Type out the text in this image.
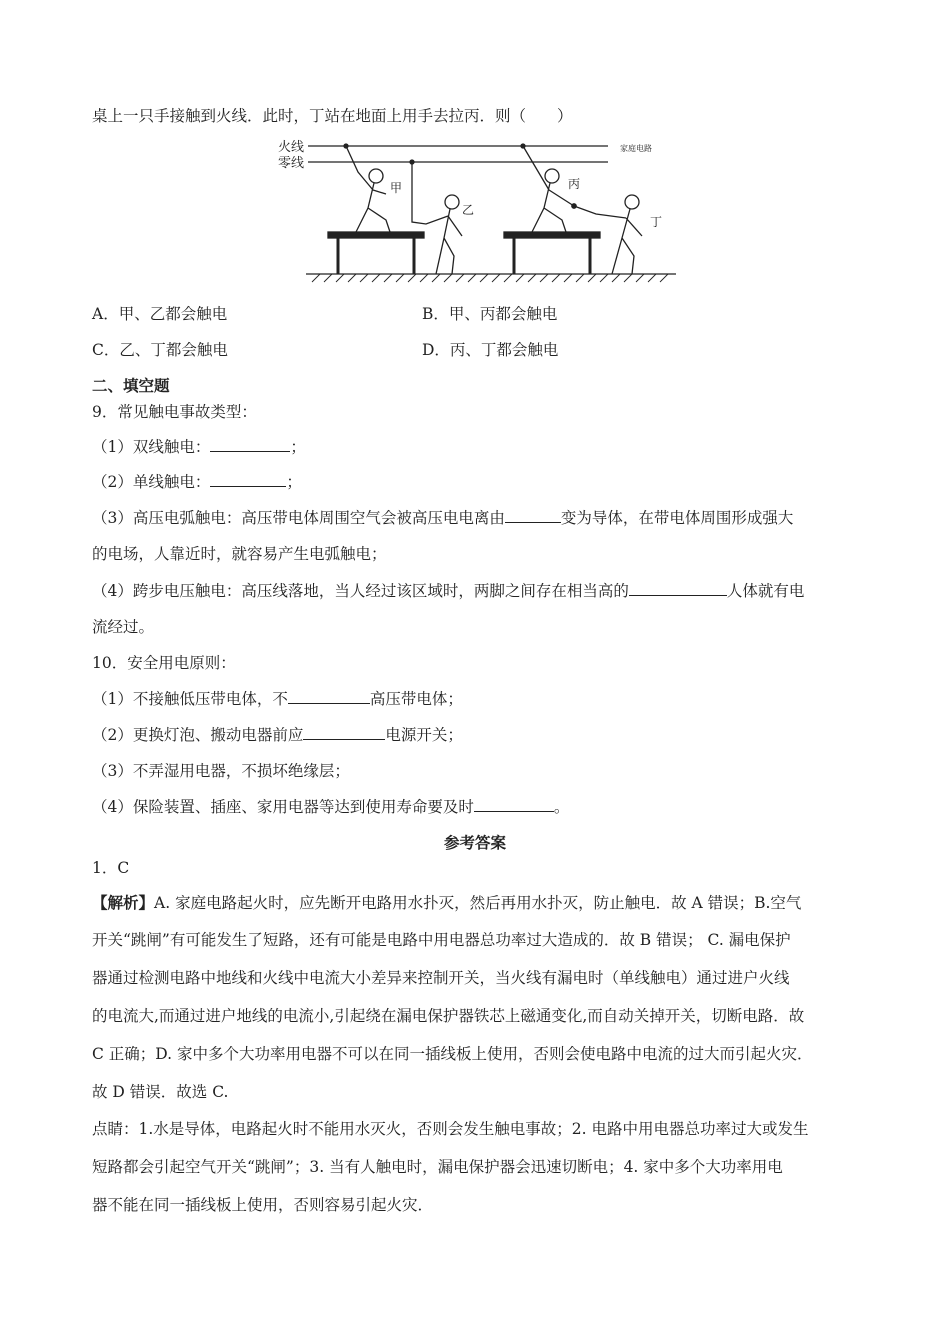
桌上一只手接触到火线．此时，丁站在地面上用手去拉丙．则（　　）
火线
零线
家庭电路
甲
乙
丙
丁
A．甲、乙都会触电	B．甲、丙都会触电
C．乙、丁都会触电	D．丙、丁都会触电
二、填空题
9．常见触电事故类型：
（1）双线触电：	；
（2）单线触电：	；
（3）高压电弧触电：高压带电体周围空气会被高压电电离由	变为导体，在带电体周围形成强大
的电场，人靠近时，就容易产生电弧触电；
（4）跨步电压触电：高压线落地，当人经过该区域时，两脚之间存在相当高的	人体就有电
流经过。
10．安全用电原则：
（1）不接触低压带电体，不	高压带电体；
（2）更换灯泡、搬动电器前应	电源开关；
（3）不弄湿用电器，不损坏绝缘层；
（4）保险装置、插座、家用电器等达到使用寿命要及时	。
参考答案
1．C
【解析】A. 家庭电路起火时，应先断开电路用水扑灭，然后再用水扑灭，防止触电．故 A 错误；B.空气
开关“跳闸”有可能发生了短路，还有可能是电路中用电器总功率过大造成的．故 B 错误； C. 漏电保护
器通过检测电路中地线和火线中电流大小差异来控制开关，当火线有漏电时（单线触电）通过进户火线
的电流大,而通过进户地线的电流小,引起绕在漏电保护器铁芯上磁通变化,而自动关掉开关，切断电路．故
C 正确；D. 家中多个大功率用电器不可以在同一插线板上使用，否则会使电路中电流的过大而引起火灾．
故 D 错误．故选 C.
点睛：1.水是导体，电路起火时不能用水灭火，否则会发生触电事故；2. 电路中用电器总功率过大或发生
短路都会引起空气开关“跳闸”；3. 当有人触电时，漏电保护器会迅速切断电；4. 家中多个大功率用电
器不能在同一插线板上使用，否则容易引起火灾．
